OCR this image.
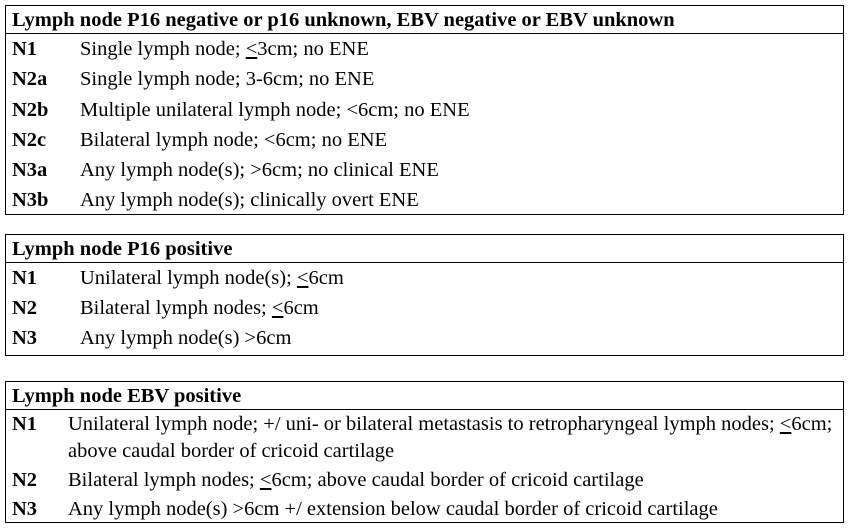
Lymph node P16 negative or p16 unknown, EBV negative or EBV unknown
N1 Single lymph node; <3cm; no ENE
N2a Single lymph node; 3-6cm; no ENE
N2b Multiple unilateral lymph node; <6cm; no ENE
N2c Bilateral lymph node; <6cm; no ENE
N3a Any lymph node(s); >6cm; no clinical ENE
N3b Any lymph node(s); clinically overt ENE
Lymph node P16 positive
N1 Unilateral lymph node(s); <6cm
N2 Bilateral lymph nodes; <6cm
N3 Any lymph node(s) >6cm
Lymph node EBV positive
N1 Unilateral lymph node; +/ uni- or bilateral metastasis to retropharyngeal lymph nodes; <6cm; above caudal border of cricoid cartilage
N2 Bilateral lymph nodes; <6cm; above caudal border of cricoid cartilage
N3 Any lymph node(s) >6cm +/ extension below caudal border of cricoid cartilage
